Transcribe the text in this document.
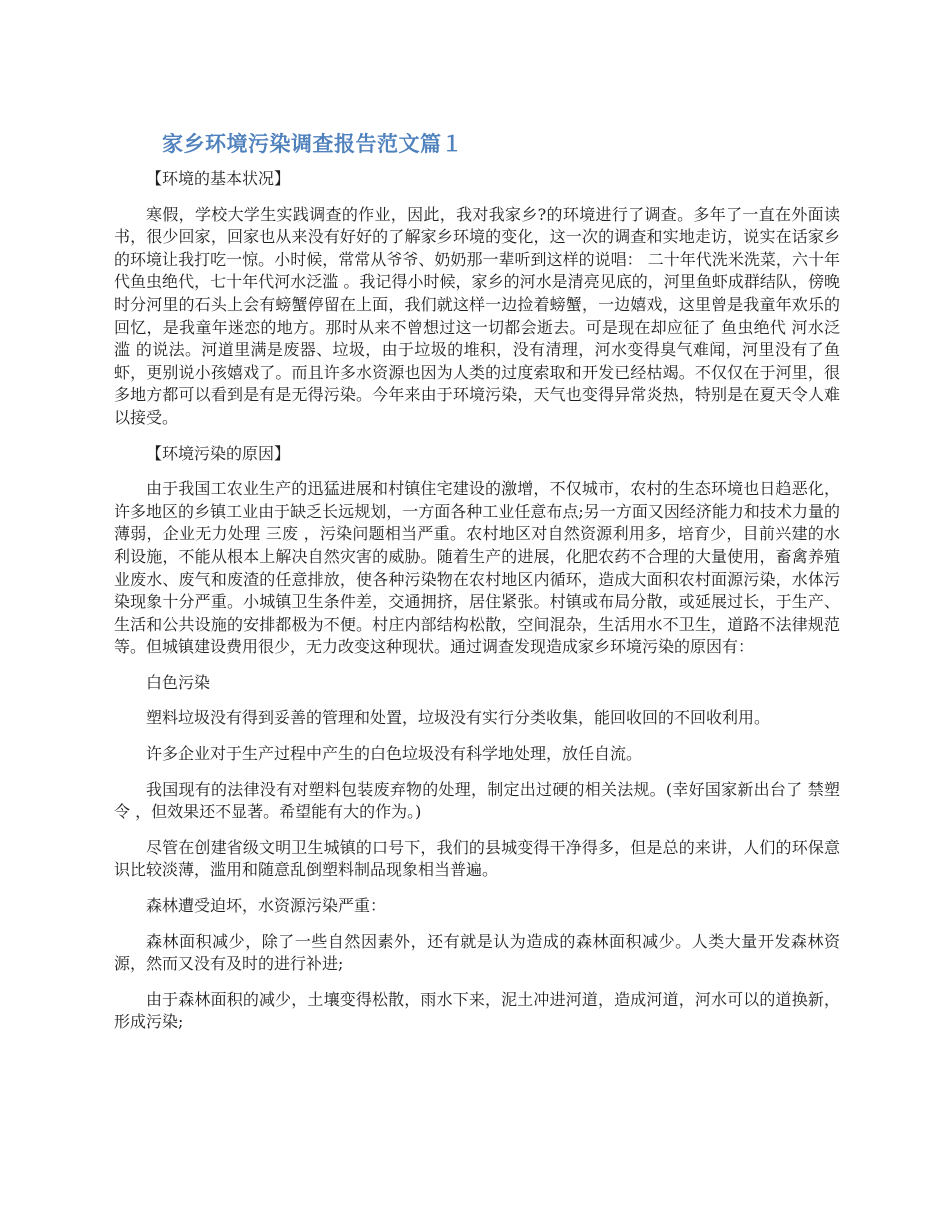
家乡环境污染调查报告范文篇１

【环境的基本状况】

寒假，学校大学生实践调查的作业，因此，我对我家乡?的环境进行了调查。多年了一直在外面读书，很少回家，回家也从来没有好好的了解家乡环境的变化，这一次的调查和实地走访，说实在话家乡的环境让我打吃一惊。小时候，常常从爷爷、奶奶那一辈听到这样的说唱： 二十年代洗米洗菜，六十年代鱼虫绝代，七十年代河水泛滥 。我记得小时候，家乡的河水是清亮见底的，河里鱼虾成群结队，傍晚时分河里的石头上会有螃蟹停留在上面，我们就这样一边捡着螃蟹，一边嬉戏，这里曾是我童年欢乐的回忆，是我童年迷恋的地方。那时从来不曾想过这一切都会逝去。可是现在却应征了 鱼虫绝代 河水泛滥 的说法。河道里满是废器、垃圾，由于垃圾的堆积，没有清理，河水变得臭气难闻，河里没有了鱼虾，更别说小孩嬉戏了。而且许多水资源也因为人类的过度索取和开发已经枯竭。不仅仅在于河里，很多地方都可以看到是有是无得污染。今年来由于环境污染，天气也变得异常炎热，特别是在夏天令人难以接受。

【环境污染的原因】

由于我国工农业生产的迅猛进展和村镇住宅建设的激增，不仅城市，农村的生态环境也日趋恶化，许多地区的乡镇工业由于缺乏长远规划，一方面各种工业任意布点;另一方面又因经济能力和技术力量的薄弱，企业无力处理 三废 ，污染问题相当严重。农村地区对自然资源利用多，培育少，目前兴建的水利设施，不能从根本上解决自然灾害的威胁。随着生产的进展，化肥农药不合理的大量使用，畜禽养殖业废水、废气和废渣的任意排放，使各种污染物在农村地区内循环，造成大面积农村面源污染，水体污染现象十分严重。小城镇卫生条件差，交通拥挤，居住紧张。村镇或布局分散，或延展过长，于生产、生活和公共设施的安排都极为不便。村庄内部结构松散，空间混杂，生活用水不卫生，道路不法律规范等。但城镇建设费用很少，无力改变这种现状。通过调查发现造成家乡环境污染的原因有：

白色污染

塑料垃圾没有得到妥善的管理和处置，垃圾没有实行分类收集，能回收回的不回收利用。

许多企业对于生产过程中产生的白色垃圾没有科学地处理，放任自流。

我国现有的法律没有对塑料包装废弃物的处理，制定出过硬的相关法规。(幸好国家新出台了 禁塑令 ，但效果还不显著。希望能有大的作为。)

尽管在创建省级文明卫生城镇的口号下，我们的县城变得干净得多，但是总的来讲，人们的环保意识比较淡薄，滥用和随意乱倒塑料制品现象相当普遍。

森林遭受迫坏，水资源污染严重：

森林面积减少，除了一些自然因素外，还有就是认为造成的森林面积减少。人类大量开发森林资源，然而又没有及时的进行补进;

由于森林面积的减少，土壤变得松散，雨水下来，泥土冲进河道，造成河道，河水可以的道换新，形成污染;
